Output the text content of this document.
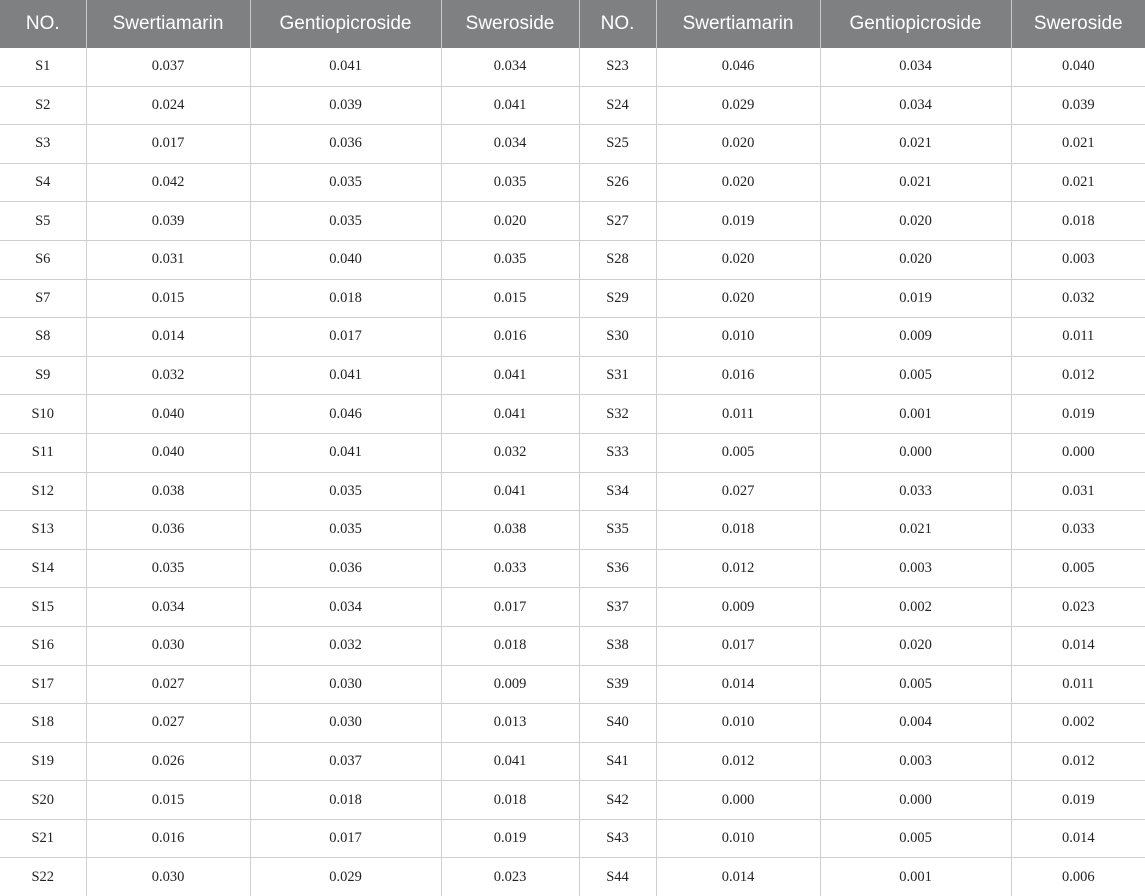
NO.	Swertiamarin	Gentiopicroside	Sweroside	NO.	Swertiamarin	Gentiopicroside	Sweroside
S1	0.037	0.041	0.034	S23	0.046	0.034	0.040
S2	0.024	0.039	0.041	S24	0.029	0.034	0.039
S3	0.017	0.036	0.034	S25	0.020	0.021	0.021
S4	0.042	0.035	0.035	S26	0.020	0.021	0.021
S5	0.039	0.035	0.020	S27	0.019	0.020	0.018
S6	0.031	0.040	0.035	S28	0.020	0.020	0.003
S7	0.015	0.018	0.015	S29	0.020	0.019	0.032
S8	0.014	0.017	0.016	S30	0.010	0.009	0.011
S9	0.032	0.041	0.041	S31	0.016	0.005	0.012
S10	0.040	0.046	0.041	S32	0.011	0.001	0.019
S11	0.040	0.041	0.032	S33	0.005	0.000	0.000
S12	0.038	0.035	0.041	S34	0.027	0.033	0.031
S13	0.036	0.035	0.038	S35	0.018	0.021	0.033
S14	0.035	0.036	0.033	S36	0.012	0.003	0.005
S15	0.034	0.034	0.017	S37	0.009	0.002	0.023
S16	0.030	0.032	0.018	S38	0.017	0.020	0.014
S17	0.027	0.030	0.009	S39	0.014	0.005	0.011
S18	0.027	0.030	0.013	S40	0.010	0.004	0.002
S19	0.026	0.037	0.041	S41	0.012	0.003	0.012
S20	0.015	0.018	0.018	S42	0.000	0.000	0.019
S21	0.016	0.017	0.019	S43	0.010	0.005	0.014
S22	0.030	0.029	0.023	S44	0.014	0.001	0.006
